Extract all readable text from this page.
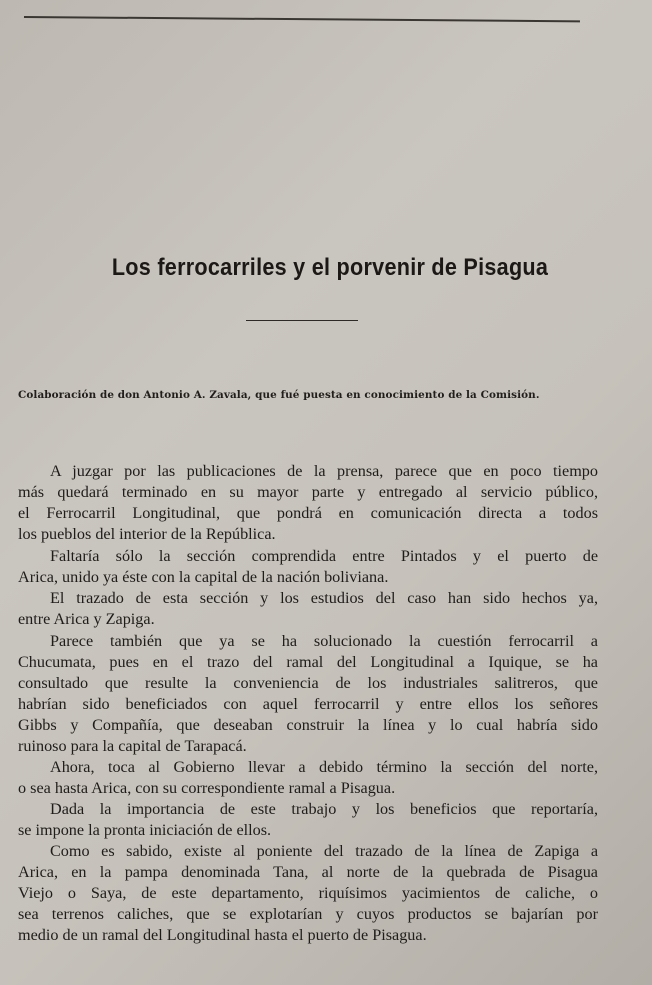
Los ferrocarriles y el porvenir de Pisagua
Colaboración de don Antonio A. Zavala, que fué puesta en conocimiento de la Comisión.
A juzgar por las publicaciones de la prensa, parece que en poco tiempo
más quedará terminado en su mayor parte y entregado al servicio público,
el Ferrocarril Longitudinal, que pondrá en comunicación directa a todos
los pueblos del interior de la República.
Faltaría sólo la sección comprendida entre Pintados y el puerto de
Arica, unido ya éste con la capital de la nación boliviana.
El trazado de esta sección y los estudios del caso han sido hechos ya,
entre Arica y Zapiga.
Parece también que ya se ha solucionado la cuestión ferrocarril a
Chucumata, pues en el trazo del ramal del Longitudinal a Iquique, se ha
consultado que resulte la conveniencia de los industriales salitreros, que
habrían sido beneficiados con aquel ferrocarril y entre ellos los señores
Gibbs y Compañía, que deseaban construir la línea y lo cual habría sido
ruinoso para la capital de Tarapacá.
Ahora, toca al Gobierno llevar a debido término la sección del norte,
o sea hasta Arica, con su correspondiente ramal a Pisagua.
Dada la importancia de este trabajo y los beneficios que reportaría,
se impone la pronta iniciación de ellos.
Como es sabido, existe al poniente del trazado de la línea de Zapiga a
Arica, en la pampa denominada Tana, al norte de la quebrada de Pisagua
Viejo o Saya, de este departamento, riquísimos yacimientos de caliche, o
sea terrenos caliches, que se explotarían y cuyos productos se bajarían por
medio de un ramal del Longitudinal hasta el puerto de Pisagua.
